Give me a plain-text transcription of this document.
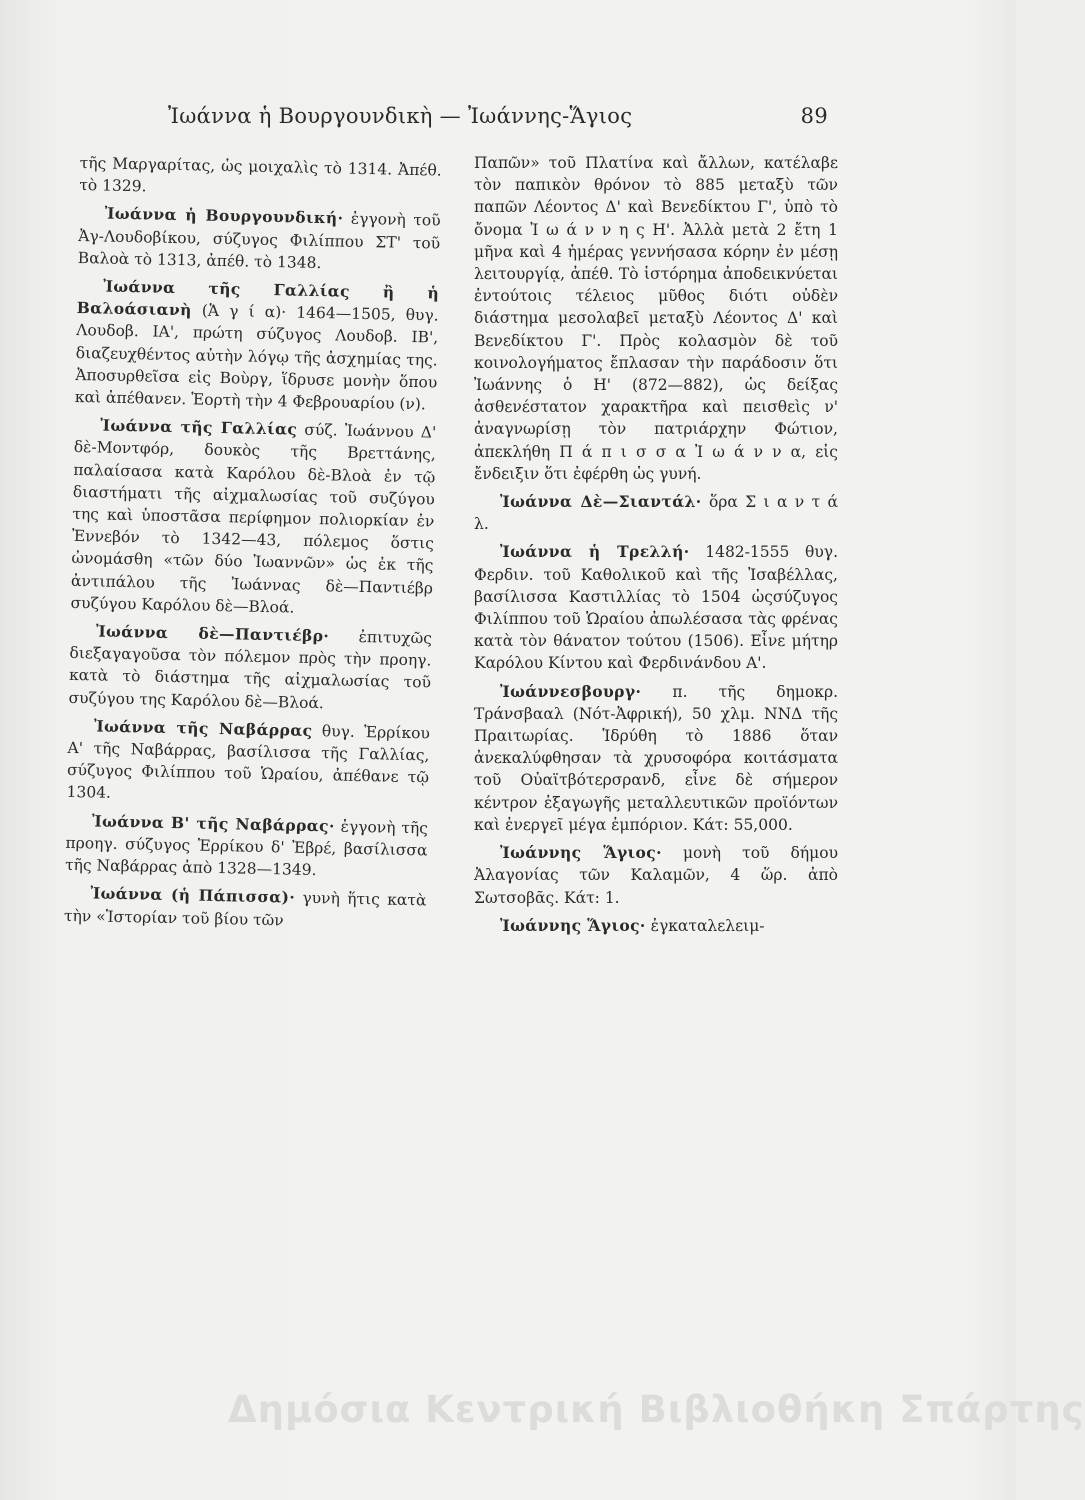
Ἰωάννα ἡ Βουργουνδικὴ — Ἰωάννης-Ἅγιος	89

τῆς Μαργαρίτας, ὡς μοιχαλὶς τὸ 1314. Ἀπέθ. τὸ 1329.

Ἰωάννα ἡ Βουργουνδική· ἐγγονὴ τοῦ Ἀγ-Λουδοβίκου, σύζυγος Φιλίππου ΣΤ' τοῦ Βαλοὰ τὸ 1313, ἀπέθ. τὸ 1348.

Ἰωάννα τῆς Γαλλίας ἢ ἡ Βαλοάσιανὴ (Ἁ γ ί α)· 1464—1505, θυγ. Λουδοβ. ΙΑ', πρώτη σύζυγος Λουδοβ. ΙΒ', διαζευχθέντος αὐτὴν λόγῳ τῆς ἀσχημίας της. Ἀποσυρθεῖσα εἰς Βοὺργ, ἵδρυσε μονὴν ὅπου καὶ ἀπέθανεν. Ἑορτὴ τὴν 4 Φεβρουαρίου (ν).

Ἰωάννα τῆς Γαλλίας σύζ. Ἰωάννου Δ' δὲ-Μοντφόρ, δουκὸς τῆς Βρεττάνης, παλαίσασα κατὰ Καρόλου δὲ-Βλοὰ ἐν τῷ διαστήματι τῆς αἰχμαλωσίας τοῦ συζύγου της καὶ ὑποστᾶσα περίφημον πολιορκίαν ἐν Ἐννεβόν τὸ 1342—43, πόλεμος ὅστις ὠνομάσθη «τῶν δύο Ἰωαννῶν» ὡς ἐκ τῆς ἀντιπάλου τῆς Ἰωάννας δὲ—Παντιέβρ συζύγου Καρόλου δὲ—Βλοά.

Ἰωάννα δὲ—Παντιέβρ· ἐπιτυχῶς διεξαγαγοῦσα τὸν πόλεμον πρὸς τὴν προηγ. κατὰ τὸ διάστημα τῆς αἰχμαλωσίας τοῦ συζύγου της Καρόλου δὲ—Βλοά.

Ἰωάννα τῆς Ναβάρρας θυγ. Ἑρρίκου Α' τῆς Ναβάρρας, βασίλισσα τῆς Γαλλίας, σύζυγος Φιλίππου τοῦ Ὡραίου, ἀπέθανε τῷ 1304.

Ἰωάννα Β' τῆς Ναβάρρας· ἐγγονὴ τῆς προηγ. σύζυγος Ἑρρίκου δ' Ἐβρέ, βασίλισσα τῆς Ναβάρρας ἀπὸ 1328—1349.

Ἰωάννα (ἡ Πάπισσα)· γυνὴ ἥτις κατὰ τὴν «Ἱστορίαν τοῦ βίου τῶν

Παπῶν» τοῦ Πλατίνα καὶ ἄλλων, κατέλαβε τὸν παπικὸν θρόνον τὸ 885 μεταξὺ τῶν παπῶν Λέοντος Δ' καὶ Βενεδίκτου Γ', ὑπὸ τὸ ὄνομα Ἰ ω ά ν ν η ς Η'. Ἀλλὰ μετὰ 2 ἔτη 1 μῆνα καὶ 4 ἡμέρας γεννήσασα κόρην ἐν μέσῃ λειτουργίᾳ, ἀπέθ. Τὸ ἱστόρημα ἀποδεικνύεται ἐντούτοις τέλειος μῦθος διότι οὐδὲν διάστημα μεσολαβεῖ μεταξὺ Λέοντος Δ' καὶ Βενεδίκτου Γ'. Πρὸς κολασμὸν δὲ τοῦ κοινολογήματος ἔπλασαν τὴν παράδοσιν ὅτι Ἰωάννης ὁ Η' (872—882), ὡς δείξας ἀσθενέστατον χαρακτῆρα καὶ πεισθεὶς ν' ἀναγνωρίσῃ τὸν πατριάρχην Φώτιον, ἀπεκλήθη Π ά π ι σ σ α Ἰ ω ά ν ν α, εἰς ἔνδειξιν ὅτι ἐφέρθη ὡς γυνή.

Ἰωάννα Δὲ—Σιαντάλ· ὅρα Σ ι α ν τ ά λ.

Ἰωάννα ἡ Τρελλή· 1482-1555 θυγ. Φερδιν. τοῦ Καθολικοῦ καὶ τῆς Ἰσαβέλλας, βασίλισσα Καστιλλίας τὸ 1504 ὡςσύζυγος Φιλίππου τοῦ Ὡραίου ἀπωλέσασα τὰς φρένας κατὰ τὸν θάνατον τούτου (1506). Εἶνε μήτηρ Καρόλου Κίντου καὶ Φερδινάνδου Α'.

Ἰωάννεσβουργ· π. τῆς δημοκρ. Τράνσβααλ (Νότ-Ἀφρική), 50 χλμ. ΝΝΔ τῆς Πραιτωρίας. Ἱδρύθη τὸ 1886 ὅταν ἀνεκαλύφθησαν τὰ χρυσοφόρα κοιτάσματα τοῦ Οὐαϊτβότερσρανδ, εἶνε δὲ σήμερον κέντρον ἐξαγωγῆς μεταλλευτικῶν προϊόντων καὶ ἐνεργεῖ μέγα ἐμπόριον. Κάτ: 55,000.

Ἰωάννης Ἅγιος· μονὴ τοῦ δήμου Ἀλαγονίας τῶν Καλαμῶν, 4 ὥρ. ἀπὸ Σωτσοβᾶς. Κάτ: 1.

Ἰωάννης Ἅγιος· ἐγκαταλελειμ-

Δημόσια Κεντρική Βιβλιοθήκη Σπάρτης
